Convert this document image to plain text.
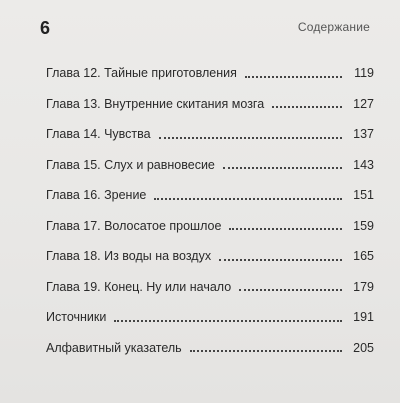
6	Содержание
Глава 12. Тайные приготовления	119
Глава 13. Внутренние скитания мозга	127
Глава 14. Чувства	137
Глава 15. Слух и равновесие	143
Глава 16. Зрение	151
Глава 17. Волосатое прошлое	159
Глава 18. Из воды на воздух	165
Глава 19. Конец. Ну или начало	179
Источники	191
Алфавитный указатель	205
